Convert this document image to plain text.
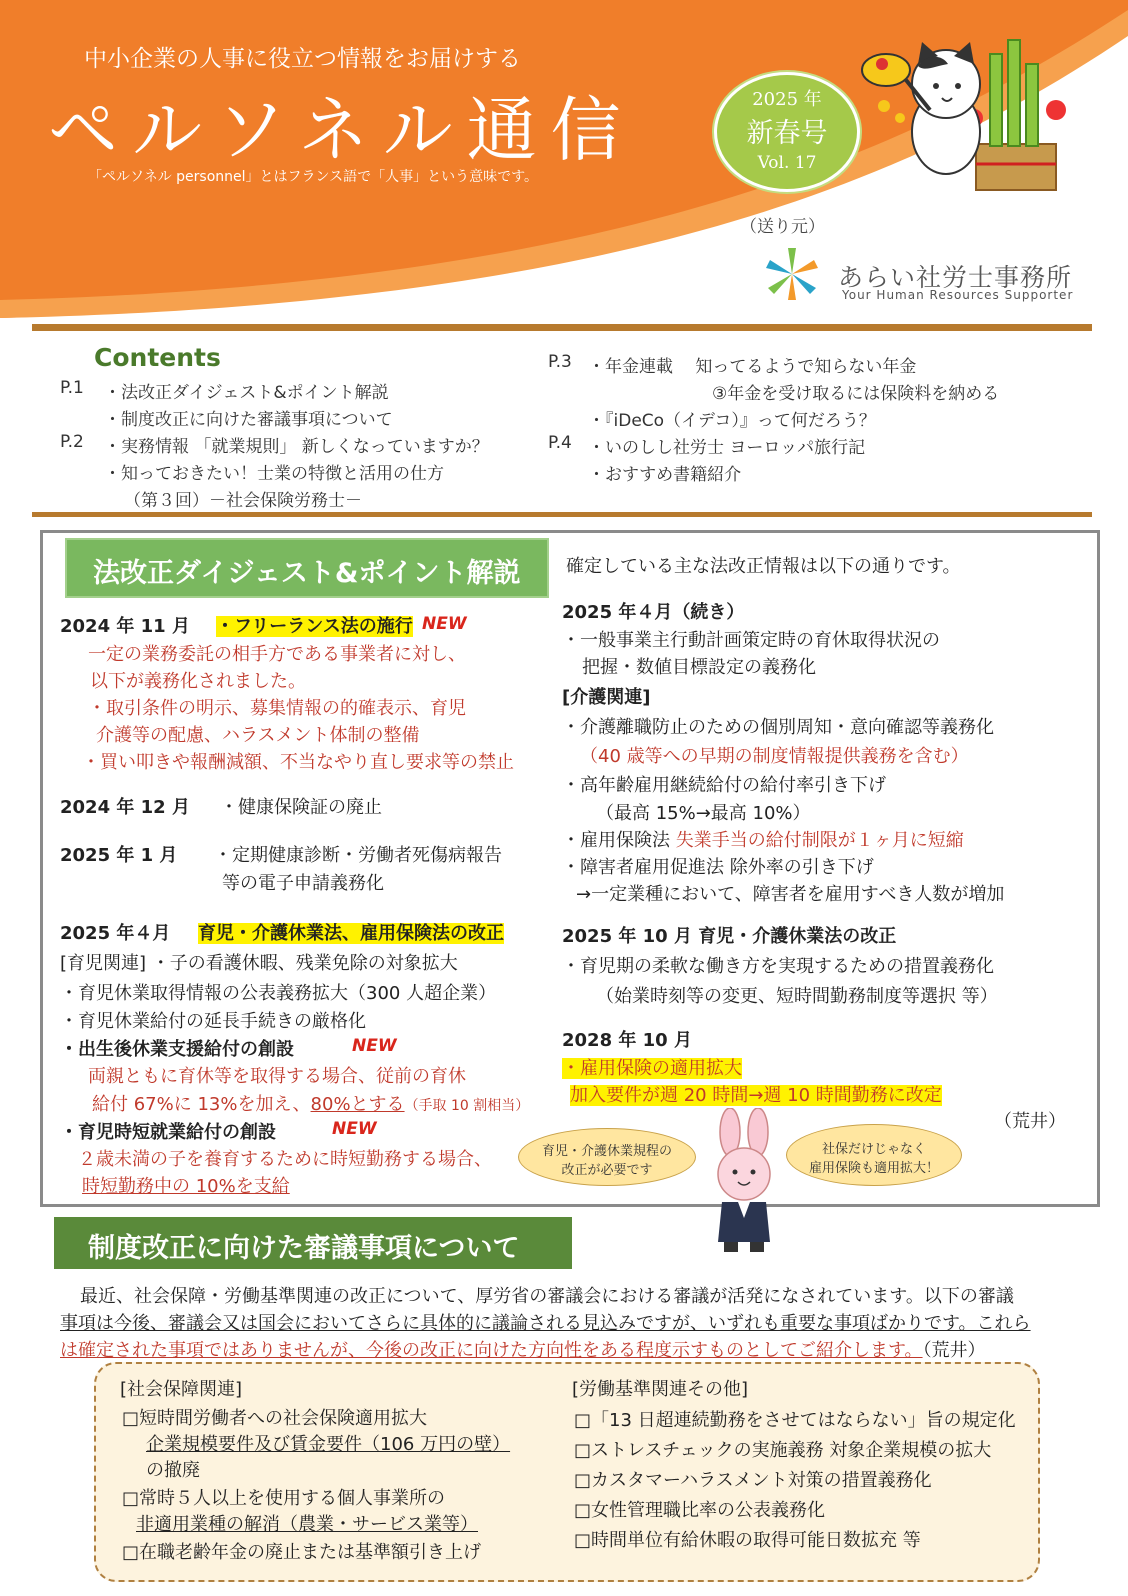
中小企業の人事に役立つ情報をお届けする
ペルソネル通信
「ペルソネル personnel」とはフランス語で「人事」という意味です。
2025 年
新春号
Vol. 17
（送り元）
あらい社労士事務所
Your Human Resources Supporter
Contents
P.1 ・法改正ダイジェスト&ポイント解説
・制度改正に向けた審議事項について
P.2 ・実務情報 「就業規則」 新しくなっていますか？
・知っておきたい！士業の特徴と活用の仕方
（第３回）－社会保険労務士－
P.3 ・年金連載　 知ってるようで知らない年金
③年金を受け取るには保険料を納める
・『iDeCo（イデコ）』って何だろう？
P.4 ・いのしし社労士 ヨーロッパ旅行記
・おすすめ書籍紹介
法改正ダイジェスト&ポイント解説	確定している主な法改正情報は以下の通りです。
2024 年 11 月 ・フリーランス法の施行 NEW
一定の業務委託の相手方である事業者に対し、
以下が義務化されました。
・取引条件の明示、募集情報の的確表示、育児
介護等の配慮、ハラスメント体制の整備
・買い叩きや報酬減額、不当なやり直し要求等の禁止
2024 年 12 月 ・健康保険証の廃止
2025 年 1 月 ・定期健康診断・労働者死傷病報告
等の電子申請義務化
2025 年４月 育児・介護休業法、雇用保険法の改正
[育児関連] ・子の看護休暇、残業免除の対象拡大
・育児休業取得情報の公表義務拡大（300 人超企業）
・育児休業給付の延長手続きの厳格化
・出生後休業支援給付の創設	NEW
両親ともに育休等を取得する場合、従前の育休
給付 67%に 13%を加え、80%とする（手取 10 割相当）
・育児時短就業給付の創設	NEW
２歳未満の子を養育するために時短勤務する場合、
時短勤務中の 10%を支給
2025 年４月（続き）
・一般事業主行動計画策定時の育休取得状況の
把握・数値目標設定の義務化
[介護関連]
・介護離職防止のための個別周知・意向確認等義務化
（40 歳等への早期の制度情報提供義務を含む）
・高年齢雇用継続給付の給付率引き下げ
（最高 15%→最高 10%）
・雇用保険法 失業手当の給付制限が１ヶ月に短縮
・障害者雇用促進法 除外率の引き下げ
→一定業種において、障害者を雇用すべき人数が増加
2025 年 10 月 育児・介護休業法の改正
・育児期の柔軟な働き方を実現するための措置義務化
（始業時刻等の変更、短時間勤務制度等選択 等）
2028 年 10 月
・雇用保険の適用拡大
加入要件が週 20 時間→週 10 時間勤務に改定
（荒井）
育児・介護休業規程の
改正が必要です
社保だけじゃなく
雇用保険も適用拡大！
制度改正に向けた審議事項について
最近、社会保障・労働基準関連の改正について、厚労省の審議会における審議が活発になされています。以下の審議
事項は今後、審議会又は国会においてさらに具体的に議論される見込みですが、いずれも重要な事項ばかりです。これら
は確定された事項ではありませんが、今後の改正に向けた方向性をある程度示すものとしてご紹介します。（荒井）
[社会保障関連]
□短時間労働者への社会保険適用拡大
企業規模要件及び賃金要件（106 万円の壁）
の撤廃
□常時５人以上を使用する個人事業所の
非適用業種の解消（農業・サービス業等）
□在職老齢年金の廃止または基準額引き上げ
[労働基準関連その他]
□「13 日超連続勤務をさせてはならない」旨の規定化
□ストレスチェックの実施義務 対象企業規模の拡大
□カスタマーハラスメント対策の措置義務化
□女性管理職比率の公表義務化
□時間単位有給休暇の取得可能日数拡充 等
